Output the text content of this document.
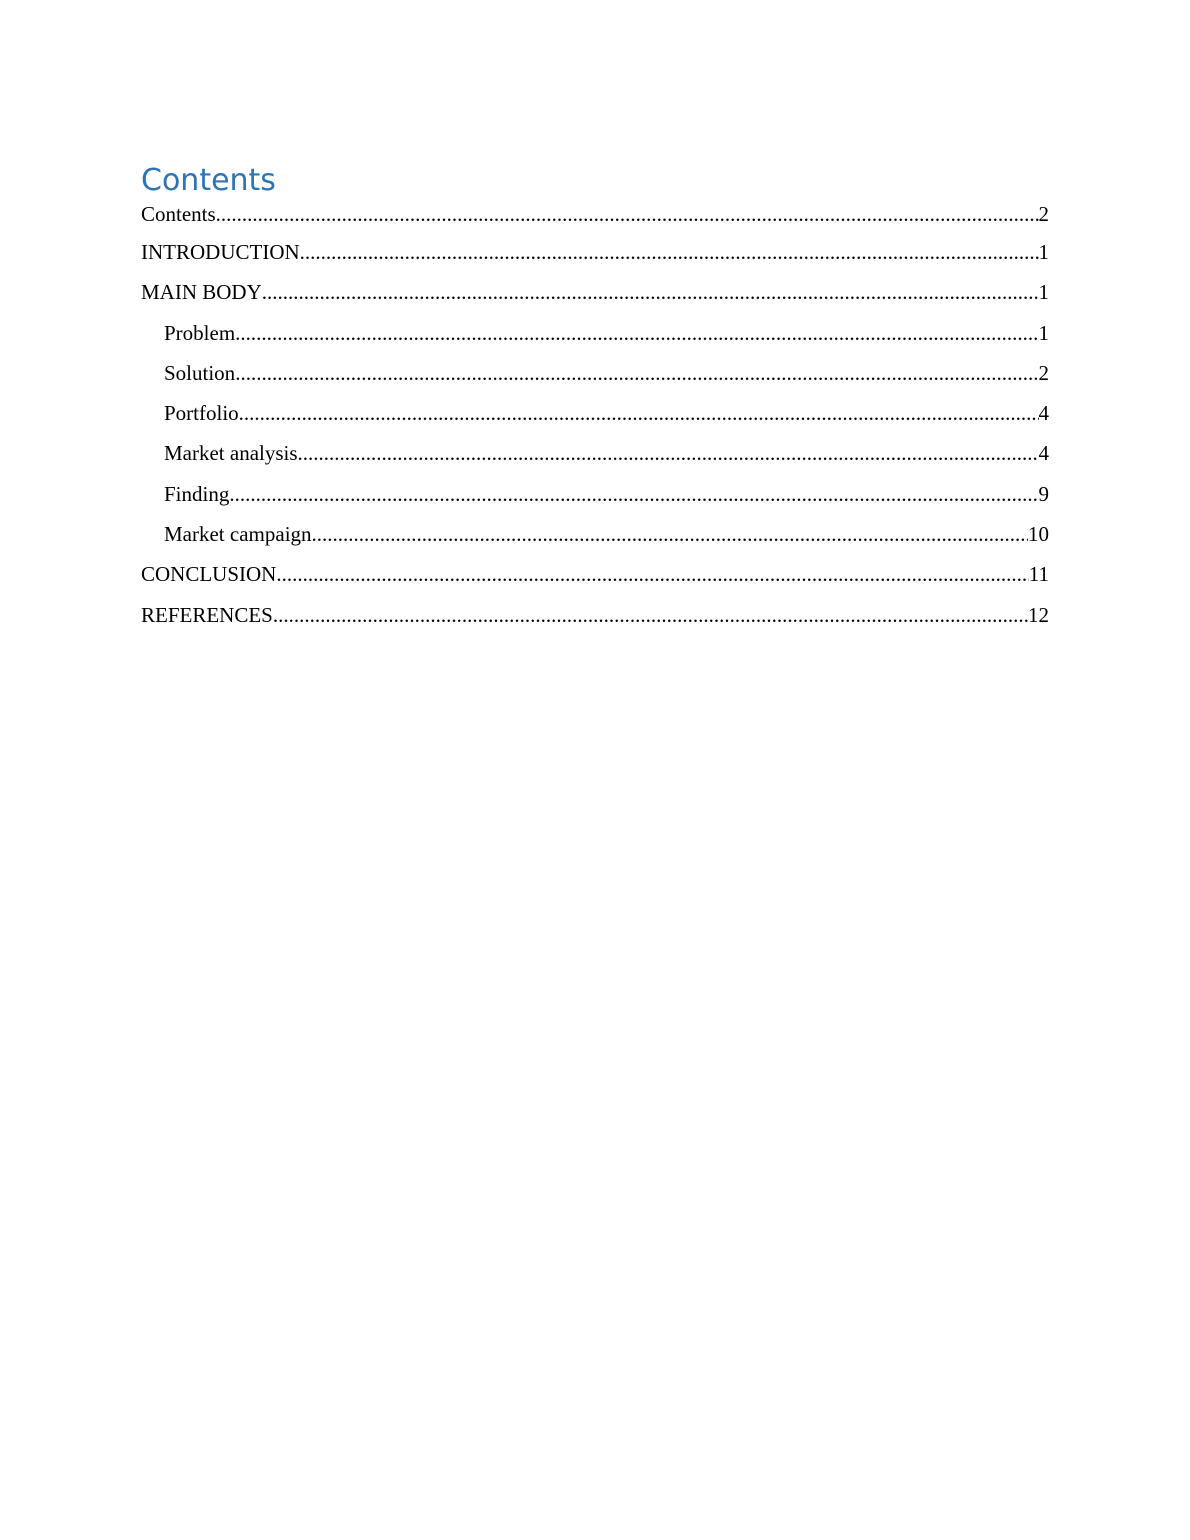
Contents
Contents .....	2
INTRODUCTION .....	1
MAIN BODY .....	1
Problem .....	1
Solution .....	2
Portfolio .....	4
Market analysis .....	4
Finding .....	9
Market campaign .....	10
CONCLUSION .....	11
REFERENCES .....	12
